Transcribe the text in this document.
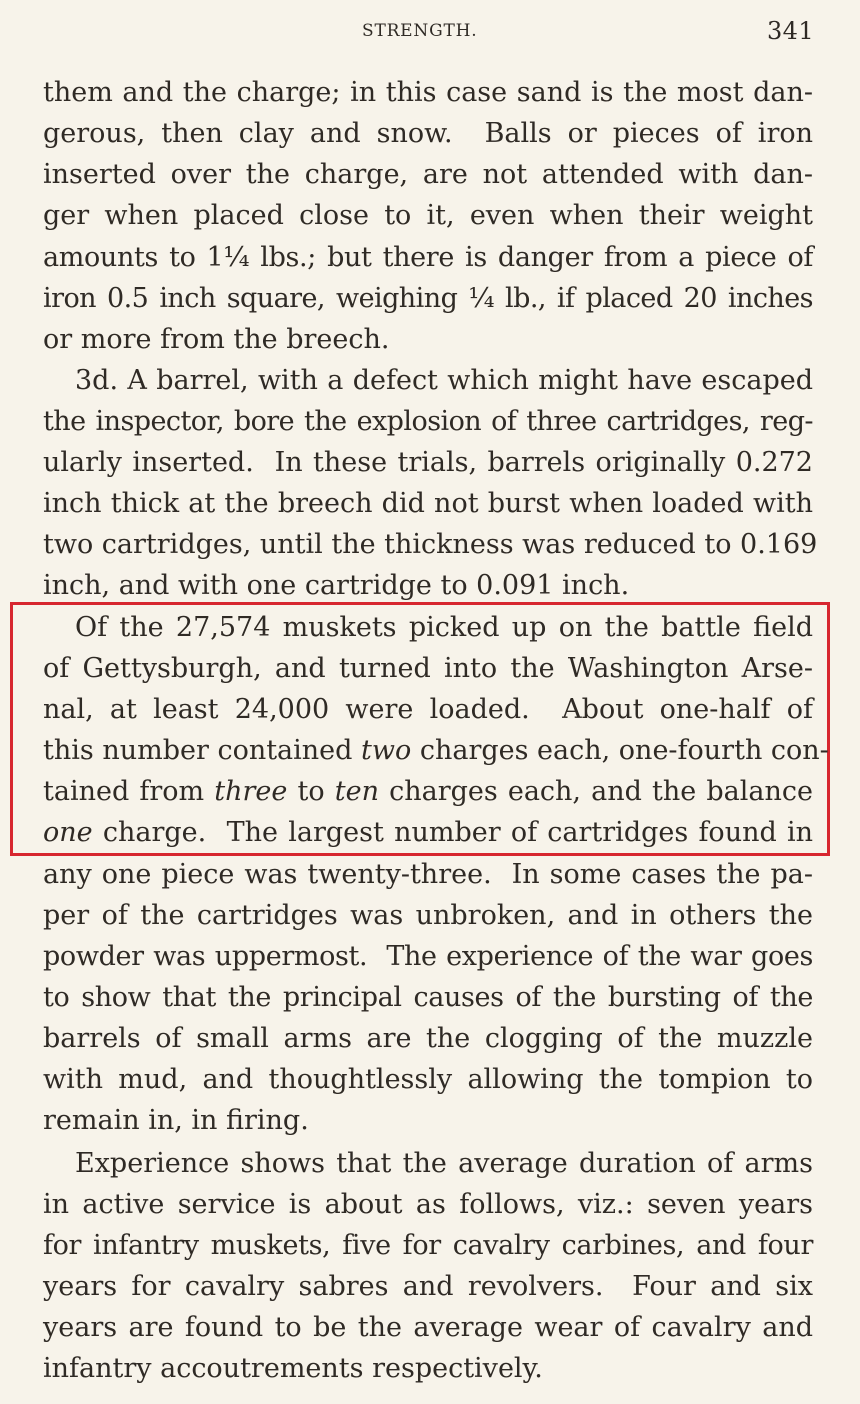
STRENGTH.	341
them and the charge; in this case sand is the most dan-
gerous, then clay and snow.  Balls or pieces of iron
inserted over the charge, are not attended with dan-
ger when placed close to it, even when their weight
amounts to 1¼ lbs.; but there is danger from a piece of
iron 0.5 inch square, weighing ¼ lb., if placed 20 inches
or more from the breech.
3d. A barrel, with a defect which might have escaped
the inspector, bore the explosion of three cartridges, reg-
ularly inserted.  In these trials, barrels originally 0.272
inch thick at the breech did not burst when loaded with
two cartridges, until the thickness was reduced to 0.169
inch, and with one cartridge to 0.091 inch.
Of the 27,574 muskets picked up on the battle field
of Gettysburgh, and turned into the Washington Arse-
nal, at least 24,000 were loaded.  About one-half of
this number contained two charges each, one-fourth con-
tained from three to ten charges each, and the balance
one charge.  The largest number of cartridges found in
any one piece was twenty-three.  In some cases the pa-
per of the cartridges was unbroken, and in others the
powder was uppermost.  The experience of the war goes
to show that the principal causes of the bursting of the
barrels of small arms are the clogging of the muzzle
with mud, and thoughtlessly allowing the tompion to
remain in, in firing.
Experience shows that the average duration of arms
in active service is about as follows, viz.: seven years
for infantry muskets, five for cavalry carbines, and four
years for cavalry sabres and revolvers.  Four and six
years are found to be the average wear of cavalry and
infantry accoutrements respectively.
